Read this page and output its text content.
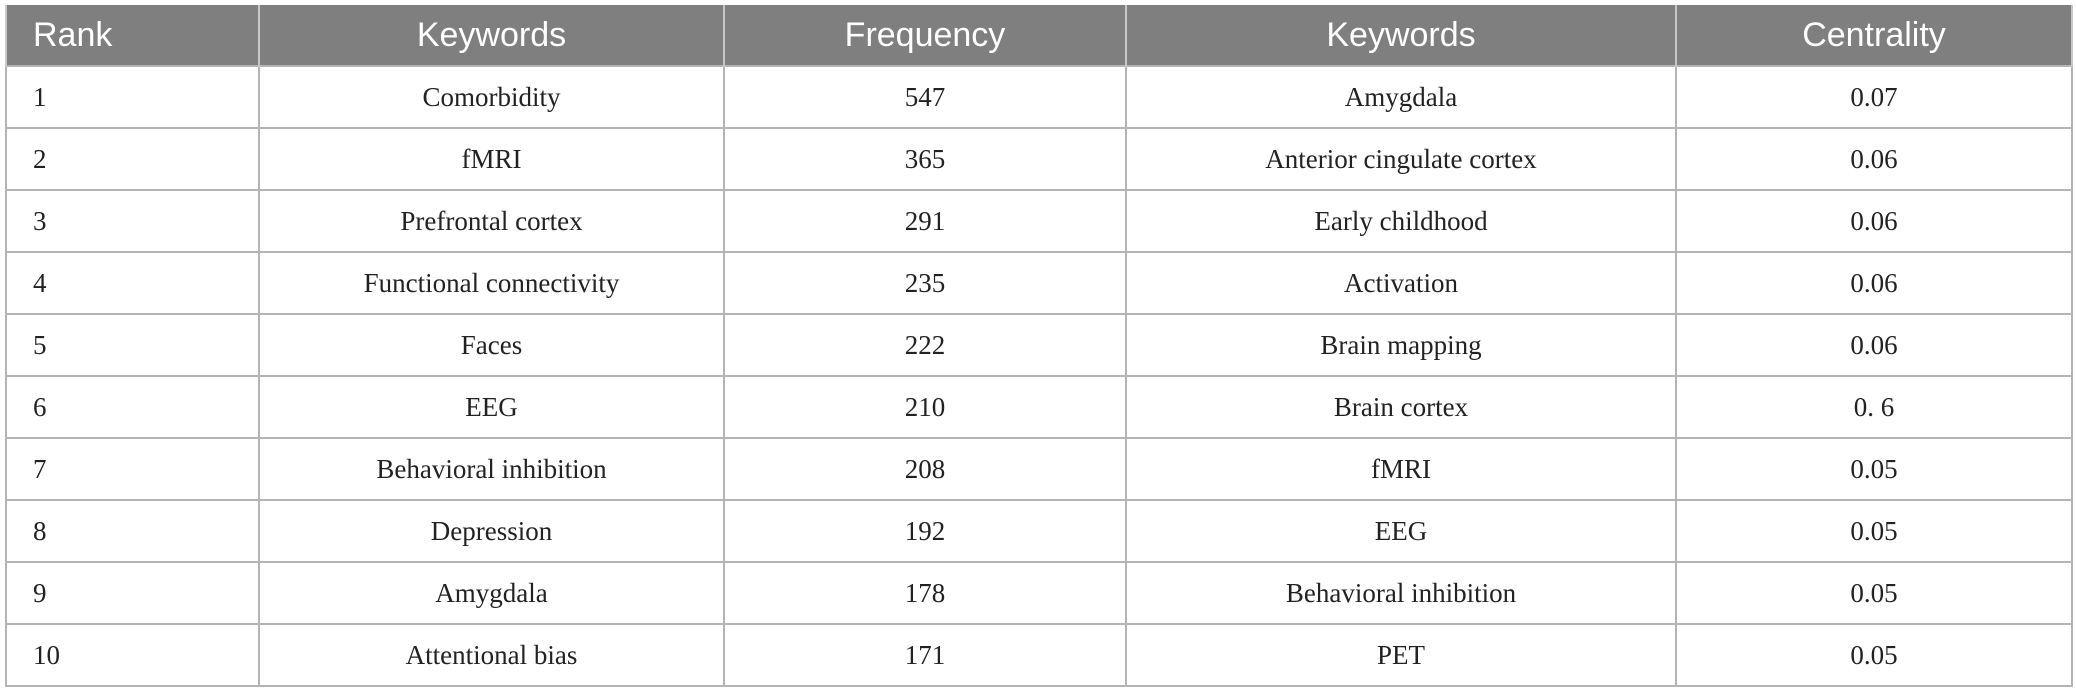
Rank	Keywords	Frequency	Keywords	Centrality
1	Comorbidity	547	Amygdala	0.07
2	fMRI	365	Anterior cingulate cortex	0.06
3	Prefrontal cortex	291	Early childhood	0.06
4	Functional connectivity	235	Activation	0.06
5	Faces	222	Brain mapping	0.06
6	EEG	210	Brain cortex	0. 6
7	Behavioral inhibition	208	fMRI	0.05
8	Depression	192	EEG	0.05
9	Amygdala	178	Behavioral inhibition	0.05
10	Attentional bias	171	PET	0.05
